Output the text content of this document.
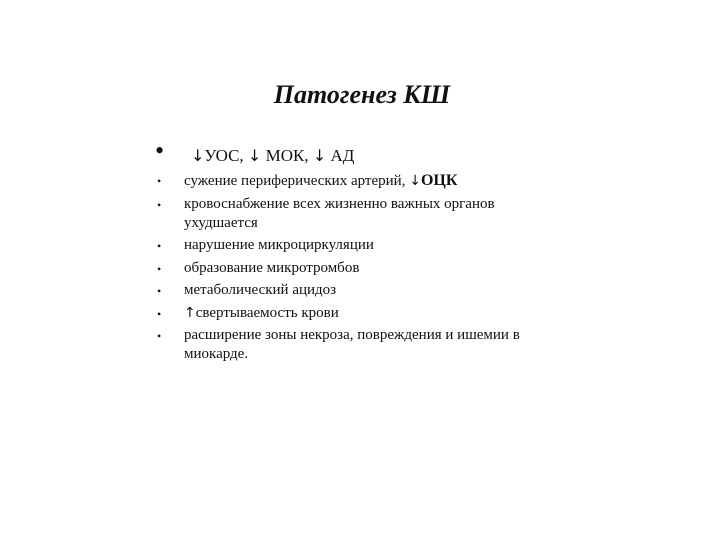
Патогенез КШ
• ↓УОС, ↓ МОК, ↓ АД
• сужение периферических артерий, ↓ОЦК
• кровоснабжение всех жизненно важных органов ухудшается
• нарушение микроциркуляции
• образование микротромбов
• метаболический ацидоз
• ↑свертываемость крови
• расширение зоны некроза, повреждения и ишемии в миокарде.
